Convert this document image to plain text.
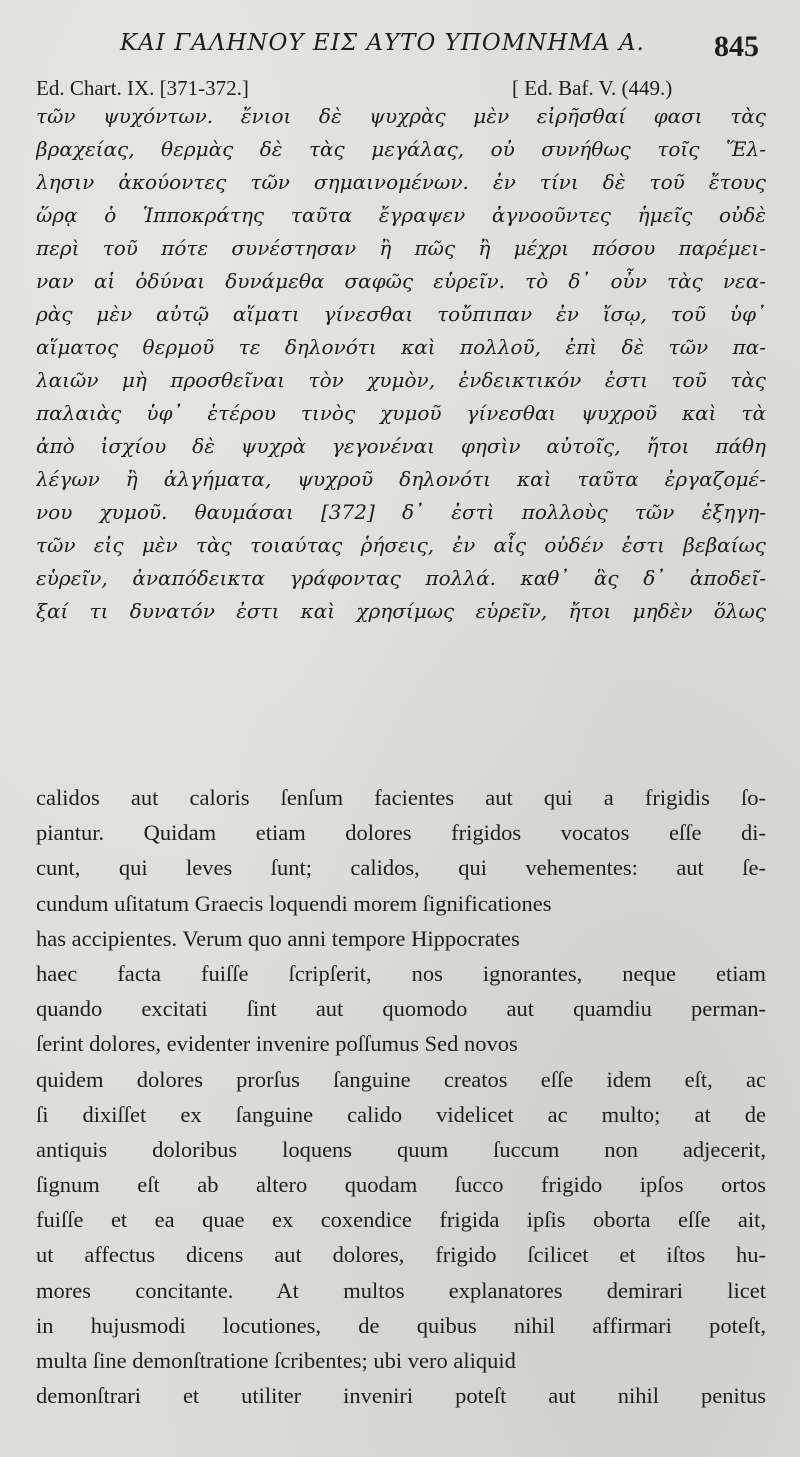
ΚΑΙ ΓΑΛΗΝΟΥ ΕΙΣ ΑΥΤΟ ΥΠΟΜΝΗΜΑ Α.	845
Ed. Chart. IX. [371-372.]	[ Ed. Baf. V. (449.)
τῶν ψυχόντων. ἔνιοι δὲ ψυχρὰς μὲν εἰρῆσθαί φασι τὰς
βραχείας, θερμὰς δὲ τὰς μεγάλας, οὐ συνήθως τοῖς Ἕλ-
λησιν ἀκούοντες τῶν σημαινομένων. ἐν τίνι δὲ τοῦ ἔτους
ὥρᾳ ὁ Ἱπποκράτης ταῦτα ἔγραψεν ἀγνοοῦντες ἡμεῖς οὐδὲ
περὶ τοῦ πότε συνέστησαν ἢ πῶς ἢ μέχρι πόσου παρέμει-
ναν αἱ ὀδύναι δυνάμεθα σαφῶς εὑρεῖν. τὸ δ᾽ οὖν τὰς νεα-
ρὰς μὲν αὐτῷ αἵματι γίνεσθαι τοὔπιπαν ἐν ἴσῳ, τοῦ ὑφ᾽
αἵματος θερμοῦ τε δηλονότι καὶ πολλοῦ, ἐπὶ δὲ τῶν πα-
λαιῶν μὴ προσθεῖναι τὸν χυμὸν, ἐνδεικτικόν ἐστι τοῦ τὰς
παλαιὰς ὑφ᾽ ἑτέρου τινὸς χυμοῦ γίνεσθαι ψυχροῦ καὶ τὰ
ἀπὸ ἰσχίου δὲ ψυχρὰ γεγονέναι φησὶν αὐτοῖς, ἤτοι πάθη
λέγων ἢ ἀλγήματα, ψυχροῦ δηλονότι καὶ ταῦτα ἐργαζομέ-
νου χυμοῦ. θαυμάσαι [372] δ᾽ ἐστὶ πολλοὺς τῶν ἐξηγη-
τῶν εἰς μὲν τὰς τοιαύτας ῥήσεις, ἐν αἷς οὐδέν ἐστι βεβαίως
εὑρεῖν, ἀναπόδεικτα γράφοντας πολλά. καθ᾽ ἃς δ᾽ ἀποδεῖ-
ξαί τι δυνατόν ἐστι καὶ χρησίμως εὑρεῖν, ἤτοι μηδὲν ὅλως
calidos aut caloris ſenſum facientes aut qui a frigidis ſo-
piantur. Quidam etiam dolores frigidos vocatos eſſe di-
cunt, qui leves ſunt; calidos, qui vehementes: aut ſe-
cundum uſitatum Graecis loquendi morem ſignificationes
has accipientes. Verum quo anni tempore Hippocrates
haec facta fuiſſe ſcripſerit, nos ignorantes, neque etiam
quando excitati ſint aut quomodo aut quamdiu perman-
ſerint dolores, evidenter invenire poſſumus Sed novos
quidem dolores prorſus ſanguine creatos eſſe idem eſt, ac
ſi dixiſſet ex ſanguine calido videlicet ac multo; at de
antiquis doloribus loquens quum ſuccum non adjecerit,
ſignum eſt ab altero quodam ſucco frigido ipſos ortos
fuiſſe et ea quae ex coxendice frigida ipſis oborta eſſe ait,
ut affectus dicens aut dolores, frigido ſcilicet et iſtos hu-
mores concitante. At multos explanatores demirari licet
in hujusmodi locutiones, de quibus nihil affirmari poteſt,
multa ſine demonſtratione ſcribentes; ubi vero aliquid
demonſtrari et utiliter inveniri poteſt aut nihil penitus
